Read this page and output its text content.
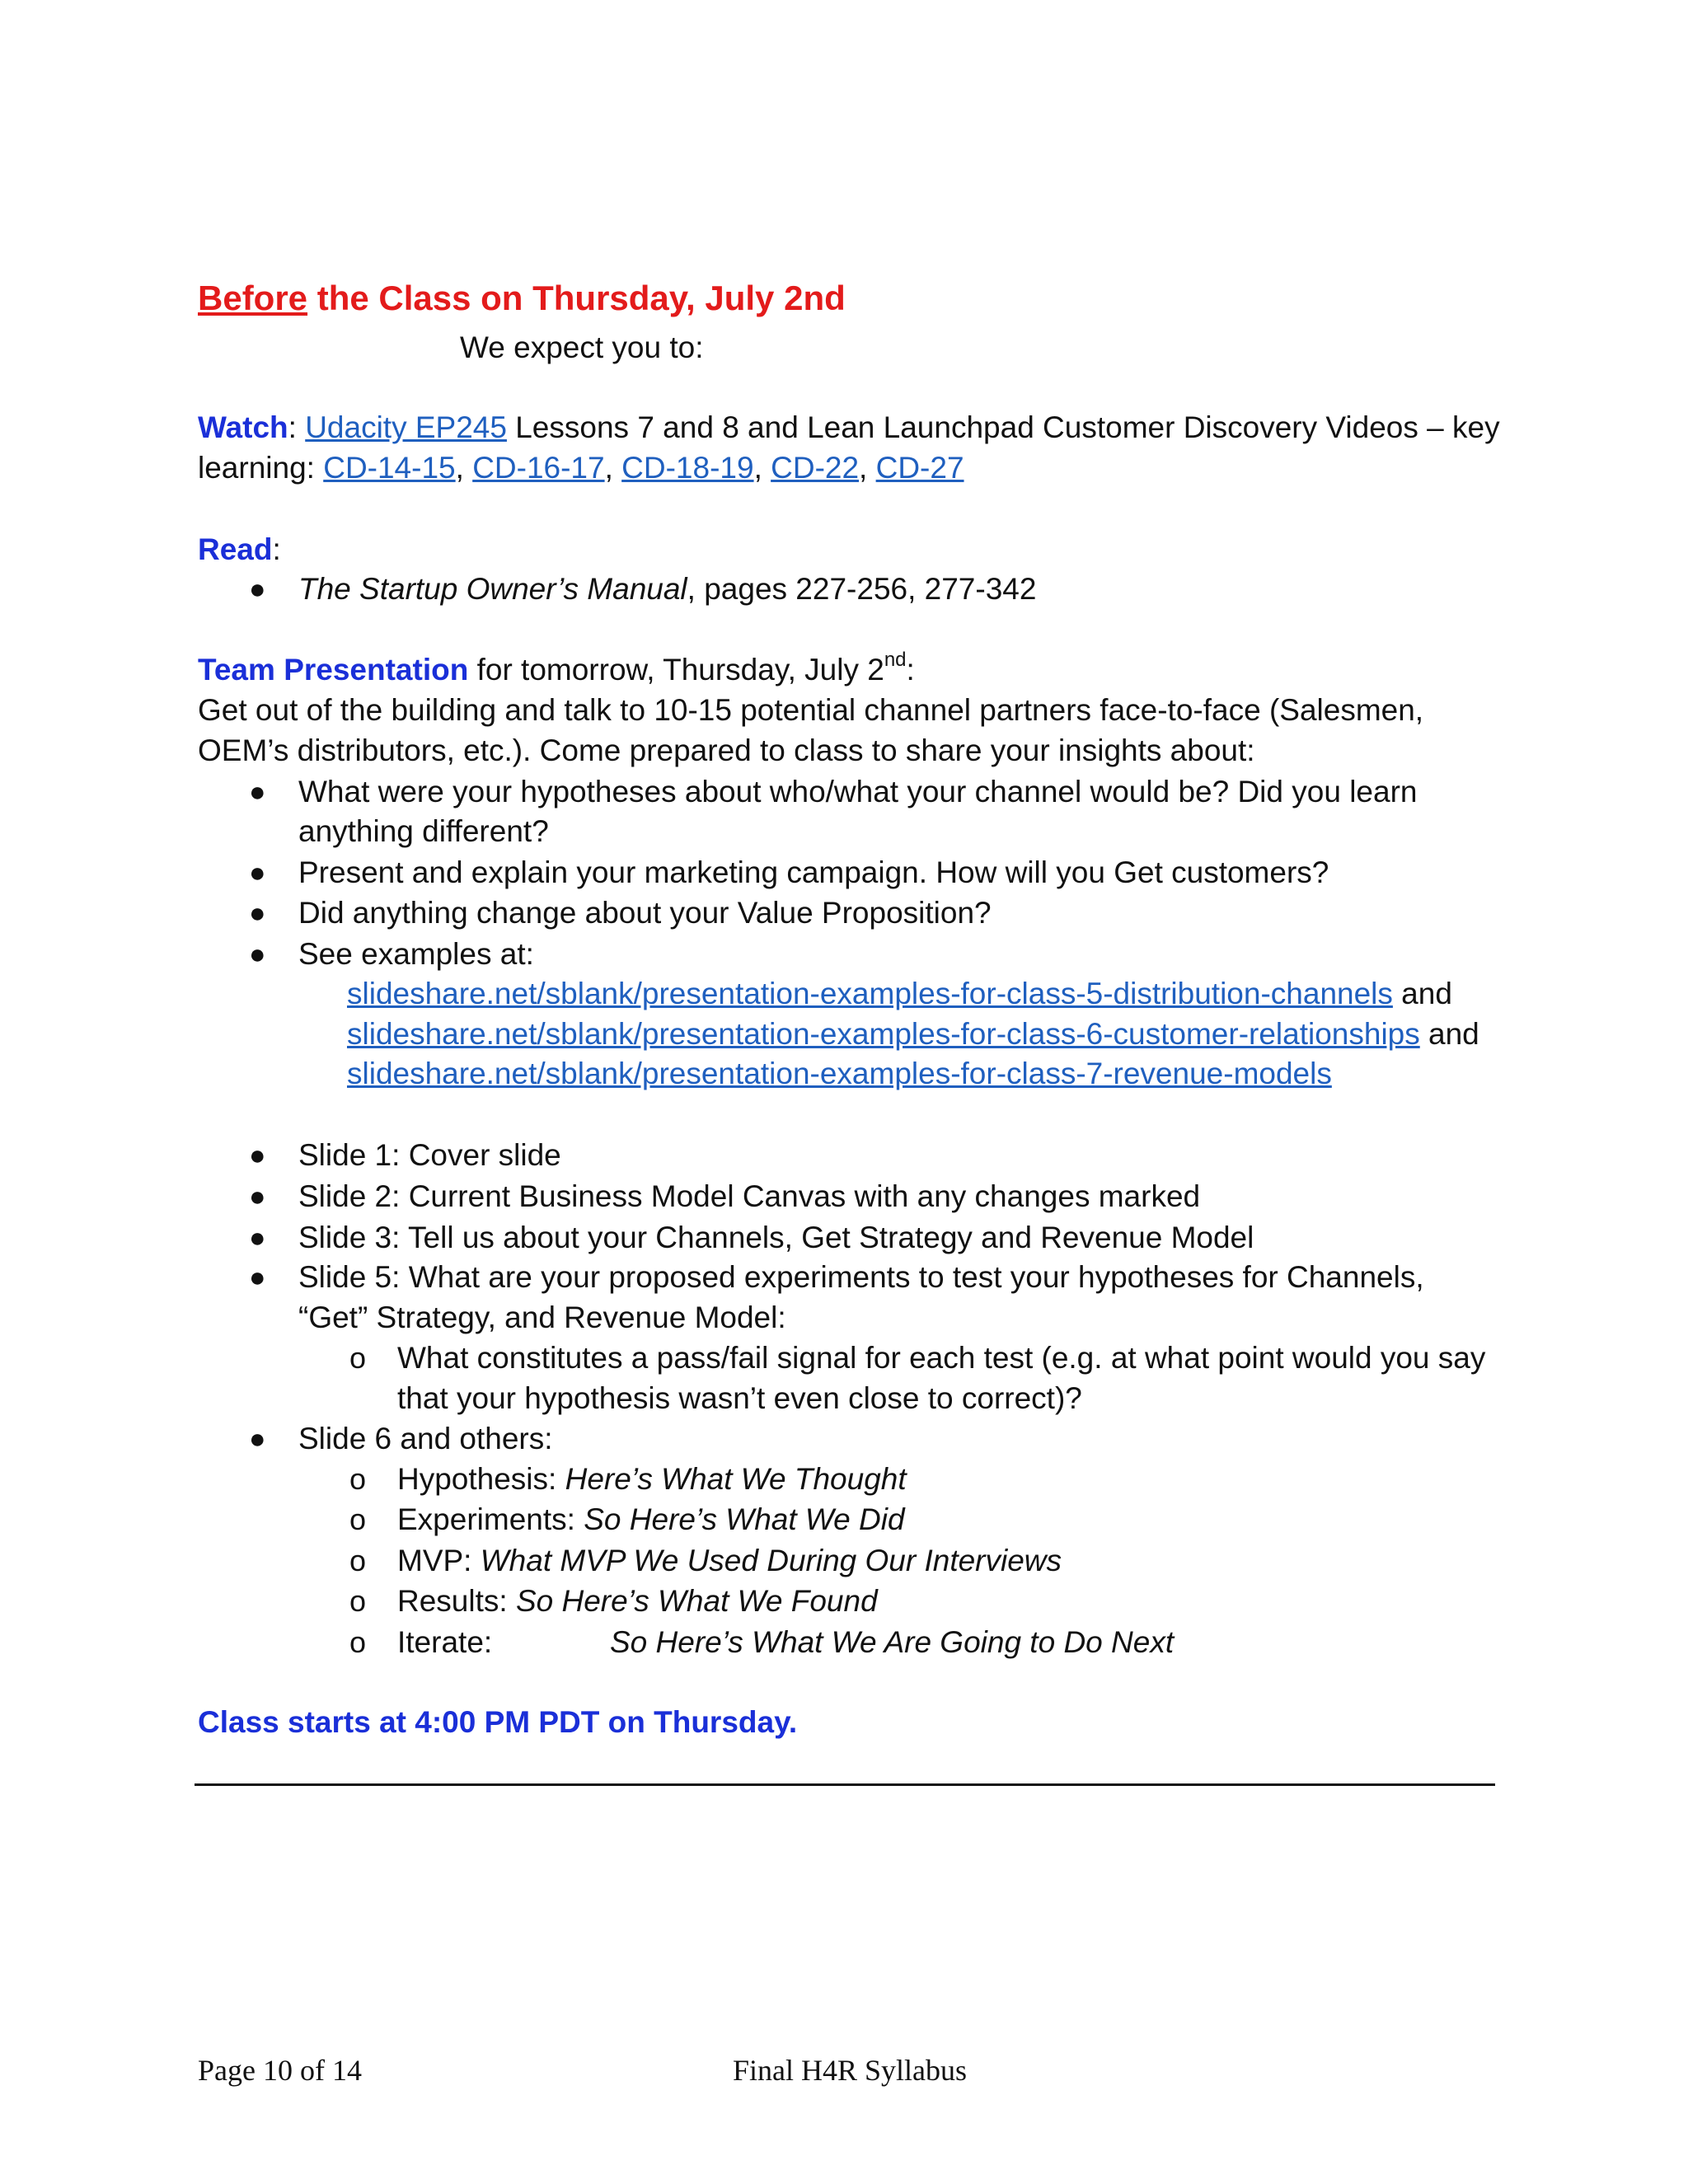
Before the Class on Thursday, July 2nd
We expect you to:
Watch: Udacity EP245 Lessons 7 and 8 and Lean Launchpad Customer Discovery Videos – key
learning: CD-14-15, CD-16-17, CD-18-19, CD-22, CD-27
Read:
● The Startup Owner’s Manual, pages 227-256, 277-342
Team Presentation for tomorrow, Thursday, July 2nd:
Get out of the building and talk to 10-15 potential channel partners face-to-face (Salesmen,
OEM’s distributors, etc.). Come prepared to class to share your insights about:
● What were your hypotheses about who/what your channel would be? Did you learn
anything different?
● Present and explain your marketing campaign. How will you Get customers?
● Did anything change about your Value Proposition?
● See examples at:
slideshare.net/sblank/presentation-examples-for-class-5-distribution-channels and
slideshare.net/sblank/presentation-examples-for-class-6-customer-relationships and
slideshare.net/sblank/presentation-examples-for-class-7-revenue-models
● Slide 1: Cover slide
● Slide 2: Current Business Model Canvas with any changes marked
● Slide 3: Tell us about your Channels, Get Strategy and Revenue Model
● Slide 5: What are your proposed experiments to test your hypotheses for Channels,
“Get” Strategy, and Revenue Model:
o What constitutes a pass/fail signal for each test (e.g. at what point would you say
that your hypothesis wasn’t even close to correct)?
● Slide 6 and others:
o Hypothesis: Here’s What We Thought
o Experiments: So Here’s What We Did
o MVP: What MVP We Used During Our Interviews
o Results: So Here’s What We Found
o Iterate:	So Here’s What We Are Going to Do Next
Class starts at 4:00 PM PDT on Thursday.
Page 10 of 14	Final H4R Syllabus
